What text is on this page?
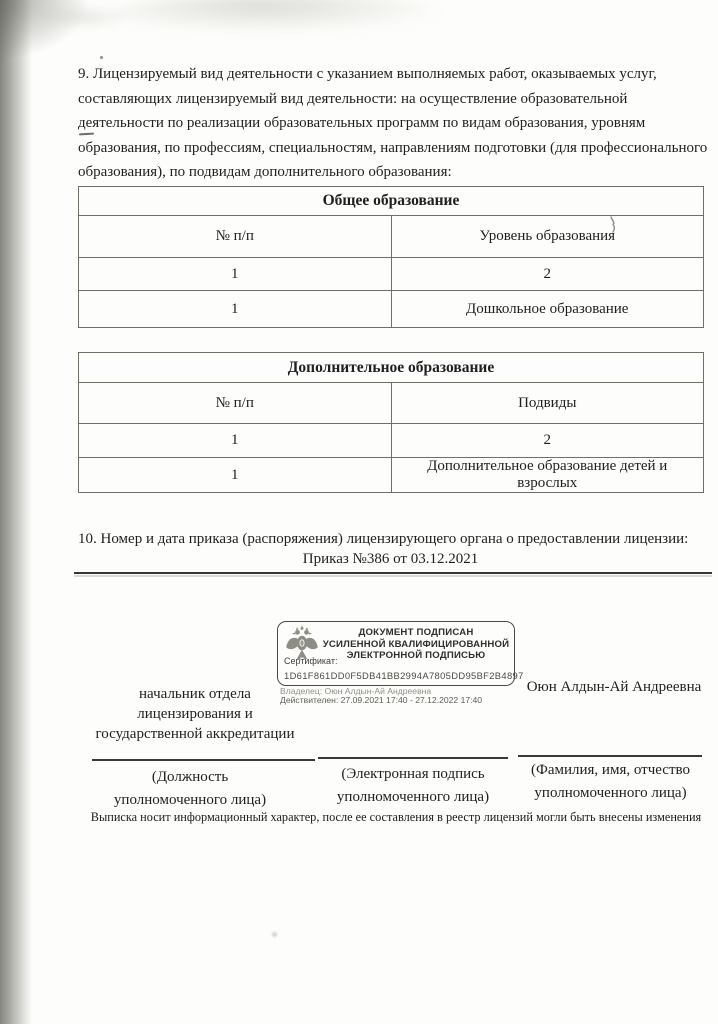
9. Лицензируемый вид деятельности с указанием выполняемых работ, оказываемых услуг, составляющих лицензируемый вид деятельности: на осуществление образовательной деятельности по реализации образовательных программ по видам образования, уровням образования, по профессиям, специальностям, направлениям подготовки (для профессионального образования), по подвидам дополнительного образования:
Общее образование	
№ п/п	Уровень образования
1	2
1	Дошкольное образование
Дополнительное образование	
№ п/п	Подвиды
1	2
1	Дополнительное образование детей и взрослых
10. Номер и дата приказа (распоряжения) лицензирующего органа о предоставлении лицензии:
Приказ №386 от 03.12.2021
ДОКУМЕНТ ПОДПИСАН
УСИЛЕННОЙ КВАЛИФИЦИРОВАННОЙ
ЭЛЕКТРОННОЙ ПОДПИСЬЮ
Сертификат:
1D61F861DD0F5DB41BB2994A7805DD95BF2B4897
Владелец: Оюн Алдын-Ай Андреевна
Действителен: 27.09.2021 17:40 - 27.12.2022 17:40
начальник отдела лицензирования и государственной аккредитации
Оюн Алдын-Ай Андреевна
(Должность уполномоченного лица)
(Электронная подпись уполномоченного лица)
(Фамилия, имя, отчество уполномоченного лица)
Выписка носит информационный характер, после ее составления в реестр лицензий могли быть внесены изменения
